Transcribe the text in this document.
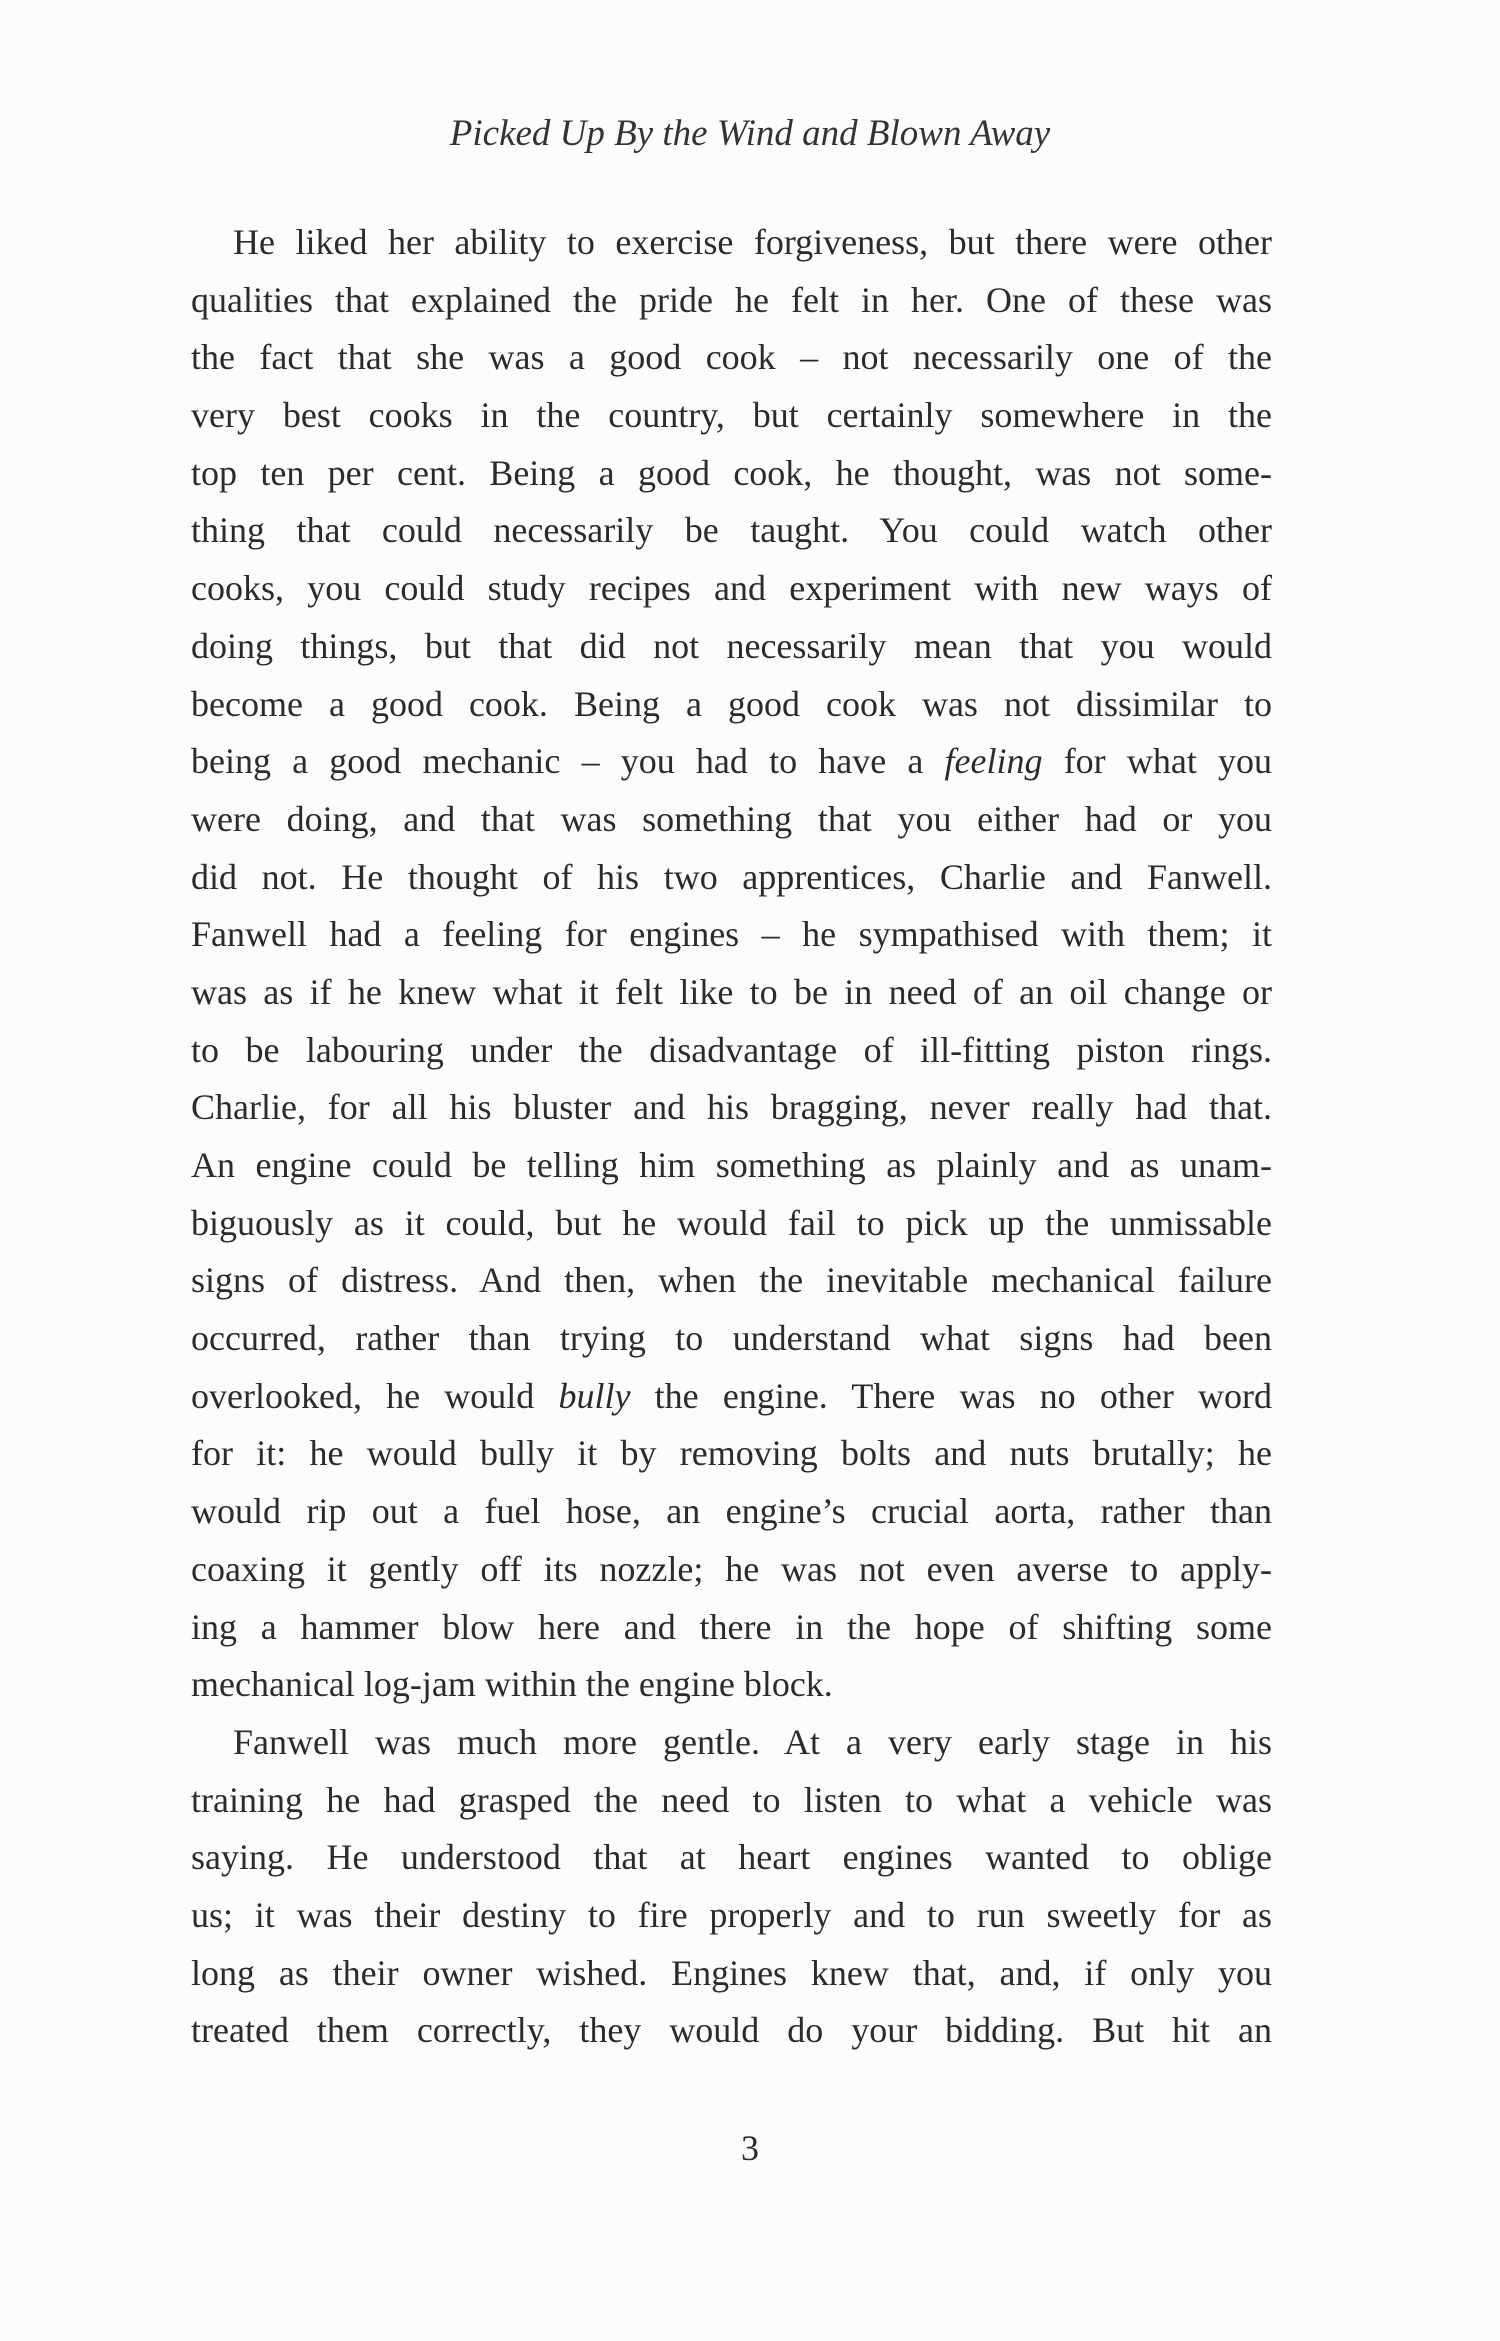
Picked Up By the Wind and Blown Away
He liked her ability to exercise forgiveness, but there were other
qualities that explained the pride he felt in her. One of these was
the fact that she was a good cook – not necessarily one of the
very best cooks in the country, but certainly somewhere in the
top ten per cent. Being a good cook, he thought, was not some-
thing that could necessarily be taught. You could watch other
cooks, you could study recipes and experiment with new ways of
doing things, but that did not necessarily mean that you would
become a good cook. Being a good cook was not dissimilar to
being a good mechanic – you had to have a feeling for what you
were doing, and that was something that you either had or you
did not. He thought of his two apprentices, Charlie and Fanwell.
Fanwell had a feeling for engines – he sympathised with them; it
was as if he knew what it felt like to be in need of an oil change or
to be labouring under the disadvantage of ill-fitting piston rings.
Charlie, for all his bluster and his bragging, never really had that.
An engine could be telling him something as plainly and as unam-
biguously as it could, but he would fail to pick up the unmissable
signs of distress. And then, when the inevitable mechanical failure
occurred, rather than trying to understand what signs had been
overlooked, he would bully the engine. There was no other word
for it: he would bully it by removing bolts and nuts brutally; he
would rip out a fuel hose, an engine’s crucial aorta, rather than
coaxing it gently off its nozzle; he was not even averse to apply-
ing a hammer blow here and there in the hope of shifting some
mechanical log-jam within the engine block.
Fanwell was much more gentle. At a very early stage in his
training he had grasped the need to listen to what a vehicle was
saying. He understood that at heart engines wanted to oblige
us; it was their destiny to fire properly and to run sweetly for as
long as their owner wished. Engines knew that, and, if only you
treated them correctly, they would do your bidding. But hit an
3
